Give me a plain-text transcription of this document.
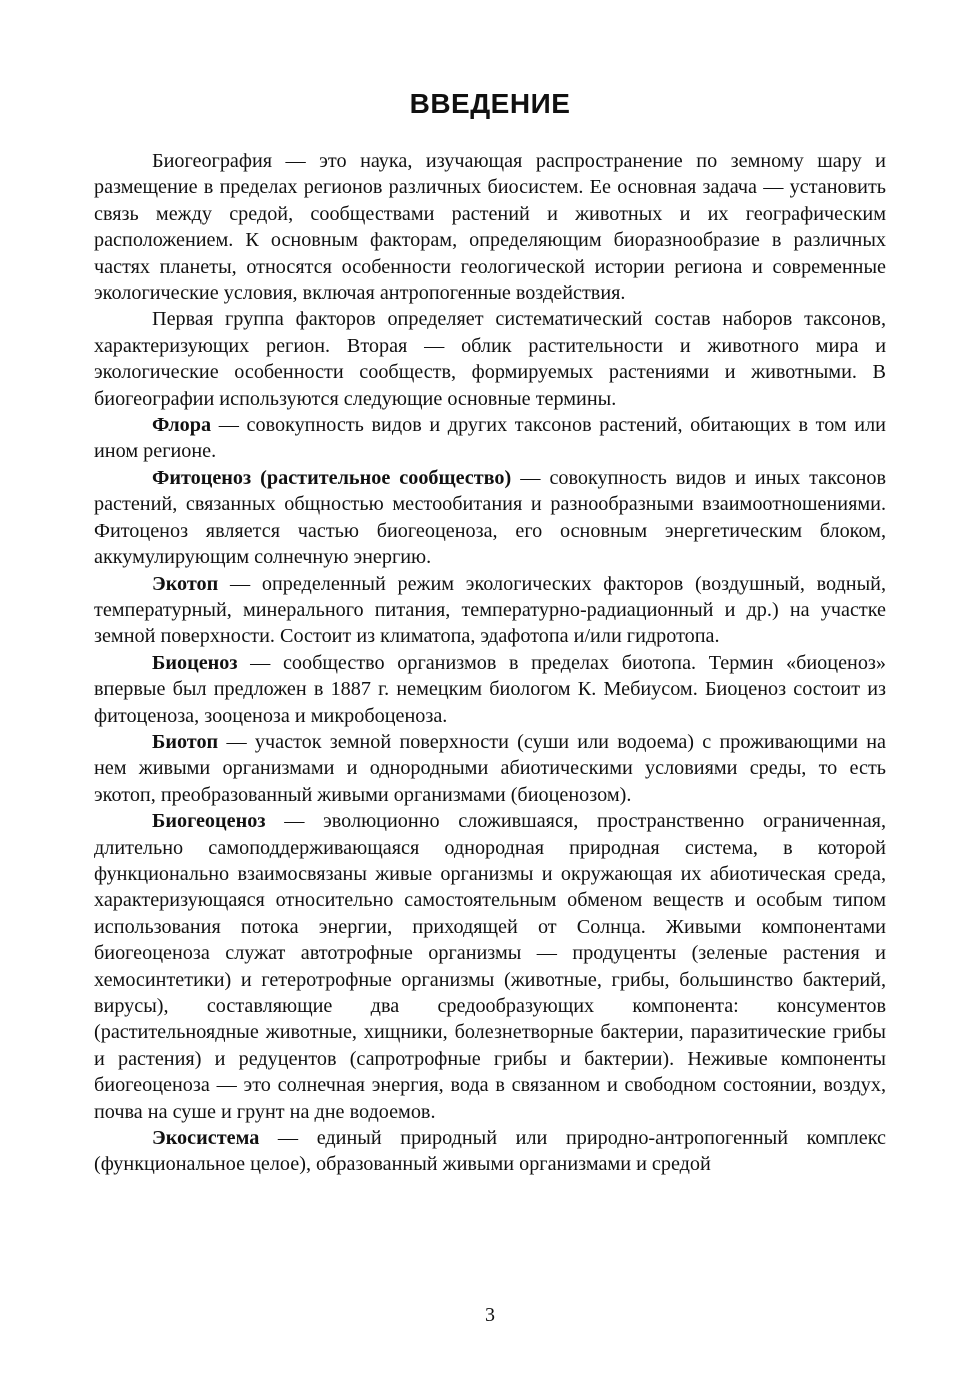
ВВЕДЕНИЕ

Биогеография — это наука, изучающая распространение по земному шару и размещение в пределах регионов различных биосистем. Ее основная задача — установить связь между средой, сообществами растений и животных и их географическим расположением. К основным факторам, определяющим биоразнообразие в различных частях планеты, относятся особенности геологической истории региона и современные экологические условия, включая антропогенные воздействия.

Первая группа факторов определяет систематический состав наборов таксонов, характеризующих регион. Вторая — облик растительности и животного мира и экологические особенности сообществ, формируемых растениями и животными. В биогеографии используются следующие основные термины.

Флора — совокупность видов и других таксонов растений, обитающих в том или ином регионе.

Фитоценоз (растительное сообщество) — совокупность видов и иных таксонов растений, связанных общностью местообитания и разнообразными взаимоотношениями. Фитоценоз является частью биогеоценоза, его основным энергетическим блоком, аккумулирующим солнечную энергию.

Экотоп — определенный режим экологических факторов (воздушный, водный, температурный, минерального питания, температурно-радиационный и др.) на участке земной поверхности. Состоит из климатопа, эдафотопа и/или гидротопа.

Биоценоз — сообщество организмов в пределах биотопа. Термин «биоценоз» впервые был предложен в 1887 г. немецким биологом К. Мебиусом. Биоценоз состоит из фитоценоза, зооценоза и микробоценоза.

Биотоп — участок земной поверхности (суши или водоема) с проживающими на нем живыми организмами и однородными абиотическими условиями среды, то есть экотоп, преобразованный живыми организмами (биоценозом).

Биогеоценоз — эволюционно сложившаяся, пространственно ограниченная, длительно самоподдерживающаяся однородная природная система, в которой функционально взаимосвязаны живые организмы и окружающая их абиотическая среда, характеризующаяся относительно самостоятельным обменом веществ и особым типом использования потока энергии, приходящей от Солнца. Живыми компонентами биогеоценоза служат автотрофные организмы — продуценты (зеленые растения и хемосинтетики) и гетеротрофные организмы (животные, грибы, большинство бактерий, вирусы), составляющие два средообразующих компонента: консументов (растительноядные животные, хищники, болезнетворные бактерии, паразитические грибы и растения) и редуцентов (сапротрофные грибы и бактерии). Неживые компоненты биогеоценоза — это солнечная энергия, вода в связанном и свободном состоянии, воздух, почва на суше и грунт на дне водоемов.

Экосистема — единый природный или природно-антропогенный комплекс (функциональное целое), образованный живыми организмами и средой

3
